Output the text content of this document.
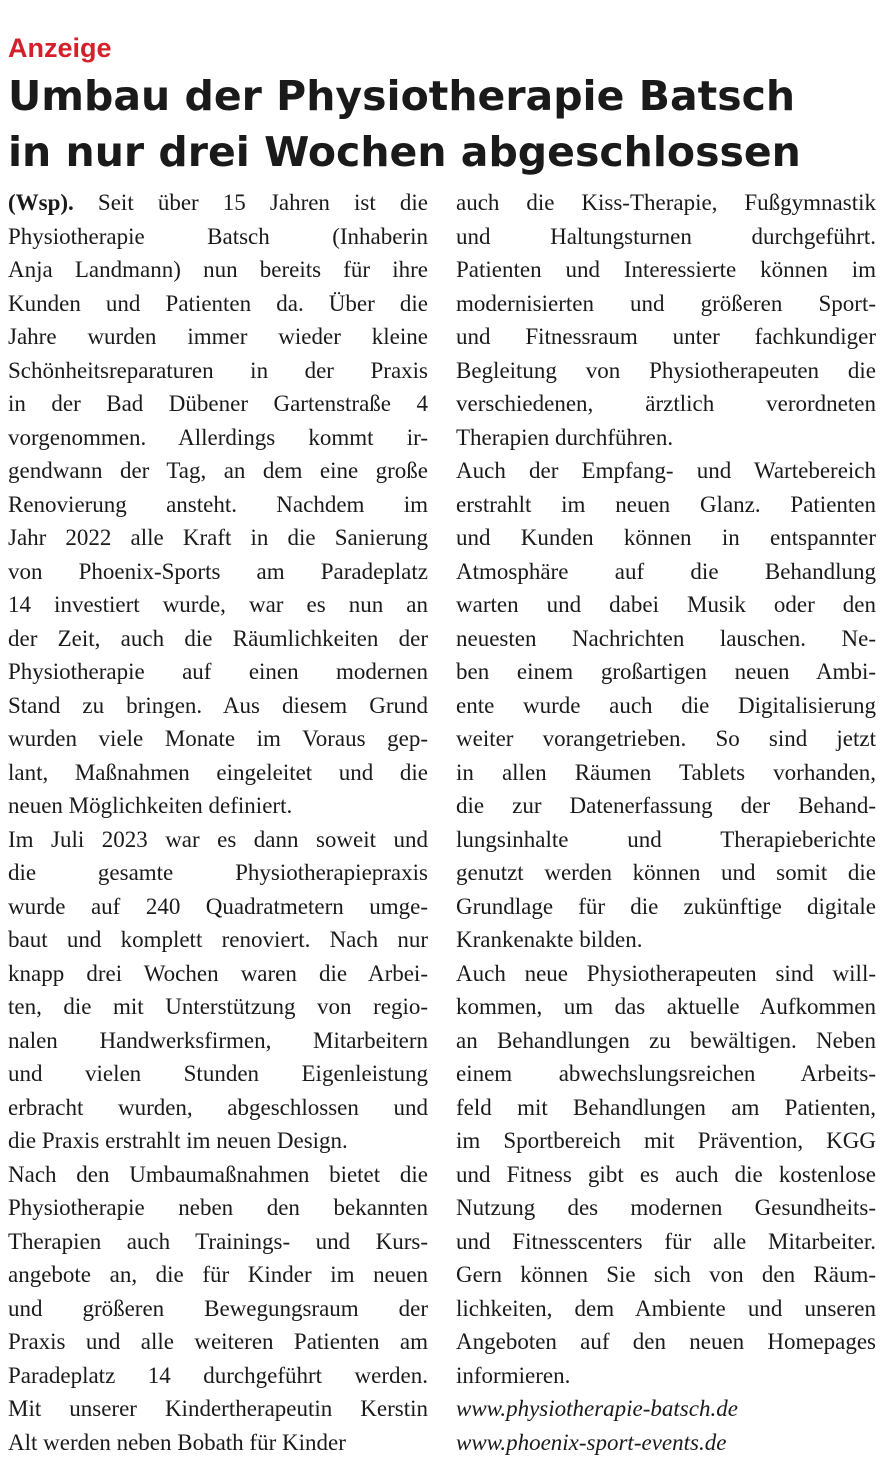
Anzeige
Umbau der Physiotherapie Batsch
in nur drei Wochen abgeschlossen

(Wsp). Seit über 15 Jahren ist die
Physiotherapie Batsch (Inhaberin
Anja Landmann) nun bereits für ihre
Kunden und Patienten da. Über die
Jahre wurden immer wieder kleine
Schönheitsreparaturen in der Praxis
in der Bad Dübener Gartenstraße 4
vorgenommen. Allerdings kommt ir-
gendwann der Tag, an dem eine große
Renovierung ansteht. Nachdem im
Jahr 2022 alle Kraft in die Sanierung
von Phoenix-Sports am Paradeplatz
14 investiert wurde, war es nun an
der Zeit, auch die Räumlichkeiten der
Physiotherapie auf einen modernen
Stand zu bringen. Aus diesem Grund
wurden viele Monate im Voraus gep-
lant, Maßnahmen eingeleitet und die
neuen Möglichkeiten definiert.

Im Juli 2023 war es dann soweit und
die gesamte Physiotherapiepraxis
wurde auf 240 Quadratmetern umge-
baut und komplett renoviert. Nach nur
knapp drei Wochen waren die Arbei-
ten, die mit Unterstützung von regio-
nalen Handwerksfirmen, Mitarbeitern
und vielen Stunden Eigenleistung
erbracht wurden, abgeschlossen und
die Praxis erstrahlt im neuen Design.

Nach den Umbaumaßnahmen bietet die
Physiotherapie neben den bekannten
Therapien auch Trainings- und Kurs-
angebote an, die für Kinder im neuen
und größeren Bewegungsraum der
Praxis und alle weiteren Patienten am
Paradeplatz 14 durchgeführt werden.
Mit unserer Kindertherapeutin Kerstin
Alt werden neben Bobath für Kinder

auch die Kiss-Therapie, Fußgymnastik
und Haltungsturnen durchgeführt.
Patienten und Interessierte können im
modernisierten und größeren Sport-
und Fitnessraum unter fachkundiger
Begleitung von Physiotherapeuten die
verschiedenen, ärztlich verordneten
Therapien durchführen.

Auch der Empfang- und Wartebereich
erstrahlt im neuen Glanz. Patienten
und Kunden können in entspannter
Atmosphäre auf die Behandlung
warten und dabei Musik oder den
neuesten Nachrichten lauschen. Ne-
ben einem großartigen neuen Ambi-
ente wurde auch die Digitalisierung
weiter vorangetrieben. So sind jetzt
in allen Räumen Tablets vorhanden,
die zur Datenerfassung der Behand-
lungsinhalte und Therapieberichte
genutzt werden können und somit die
Grundlage für die zukünftige digitale
Krankenakte bilden.

Auch neue Physiotherapeuten sind will-
kommen, um das aktuelle Aufkommen
an Behandlungen zu bewältigen. Neben
einem abwechslungsreichen Arbeits-
feld mit Behandlungen am Patienten,
im Sportbereich mit Prävention, KGG
und Fitness gibt es auch die kostenlose
Nutzung des modernen Gesundheits-
und Fitnesscenters für alle Mitarbeiter.
Gern können Sie sich von den Räum-
lichkeiten, dem Ambiente und unseren
Angeboten auf den neuen Homepages
informieren.

www.physiotherapie-batsch.de
www.phoenix-sport-events.de
